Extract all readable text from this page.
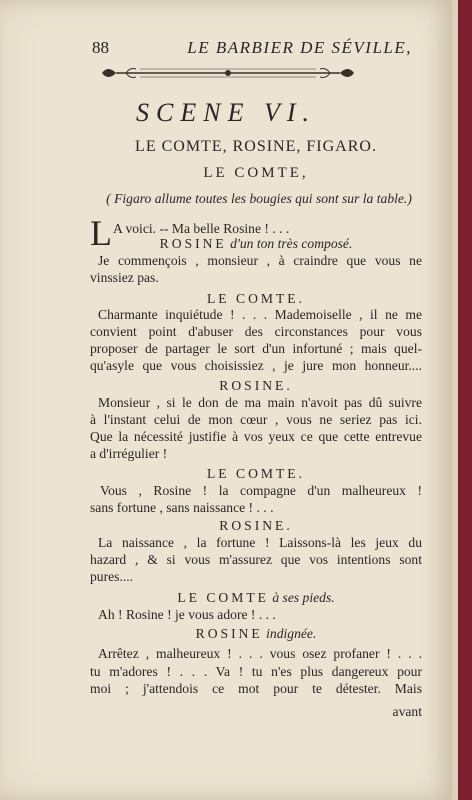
88	LE BARBIER DE SÉVILLE,
SCENE VI.
LE COMTE, ROSINE, FIGARO.
LE COMTE,
( Figaro allume toutes les bougies qui sont sur la table.)
LA voici. -- Ma belle Rosine ! . . .
ROSINE d'un ton très composé.
Je commençois , monsieur , à craindre que vous ne
vinssiez pas.
LE COMTE.
Charmante inquiétude ! . . . Mademoiselle , il ne me
convient point d'abuser des circonstances pour vous
proposer de partager le sort d'un infortuné ; mais quel-
qu'asyle que vous choisissiez , je jure mon honneur....
ROSINE.
Monsieur , si le don de ma main n'avoit pas dû suivre
à l'instant celui de mon cœur , vous ne seriez pas ici.
Que la nécessité justifie à vos yeux ce que cette entrevue
a d'irrégulier !
LE COMTE.
Vous , Rosine ! la compagne d'un malheureux !
sans fortune , sans naissance ! . . .
ROSINE.
La naissance , la fortune ! Laissons-là les jeux du
hazard , & si vous m'assurez que vos intentions sont
pures....
LE COMTE à ses pieds.
Ah ! Rosine ! je vous adore ! . . .
ROSINE indignée.
Arrêtez , malheureux ! . . . vous osez profaner ! . . .
tu m'adores ! . . . Va ! tu n'es plus dangereux pour
moi ; j'attendois ce mot pour te détester. Mais
avant
